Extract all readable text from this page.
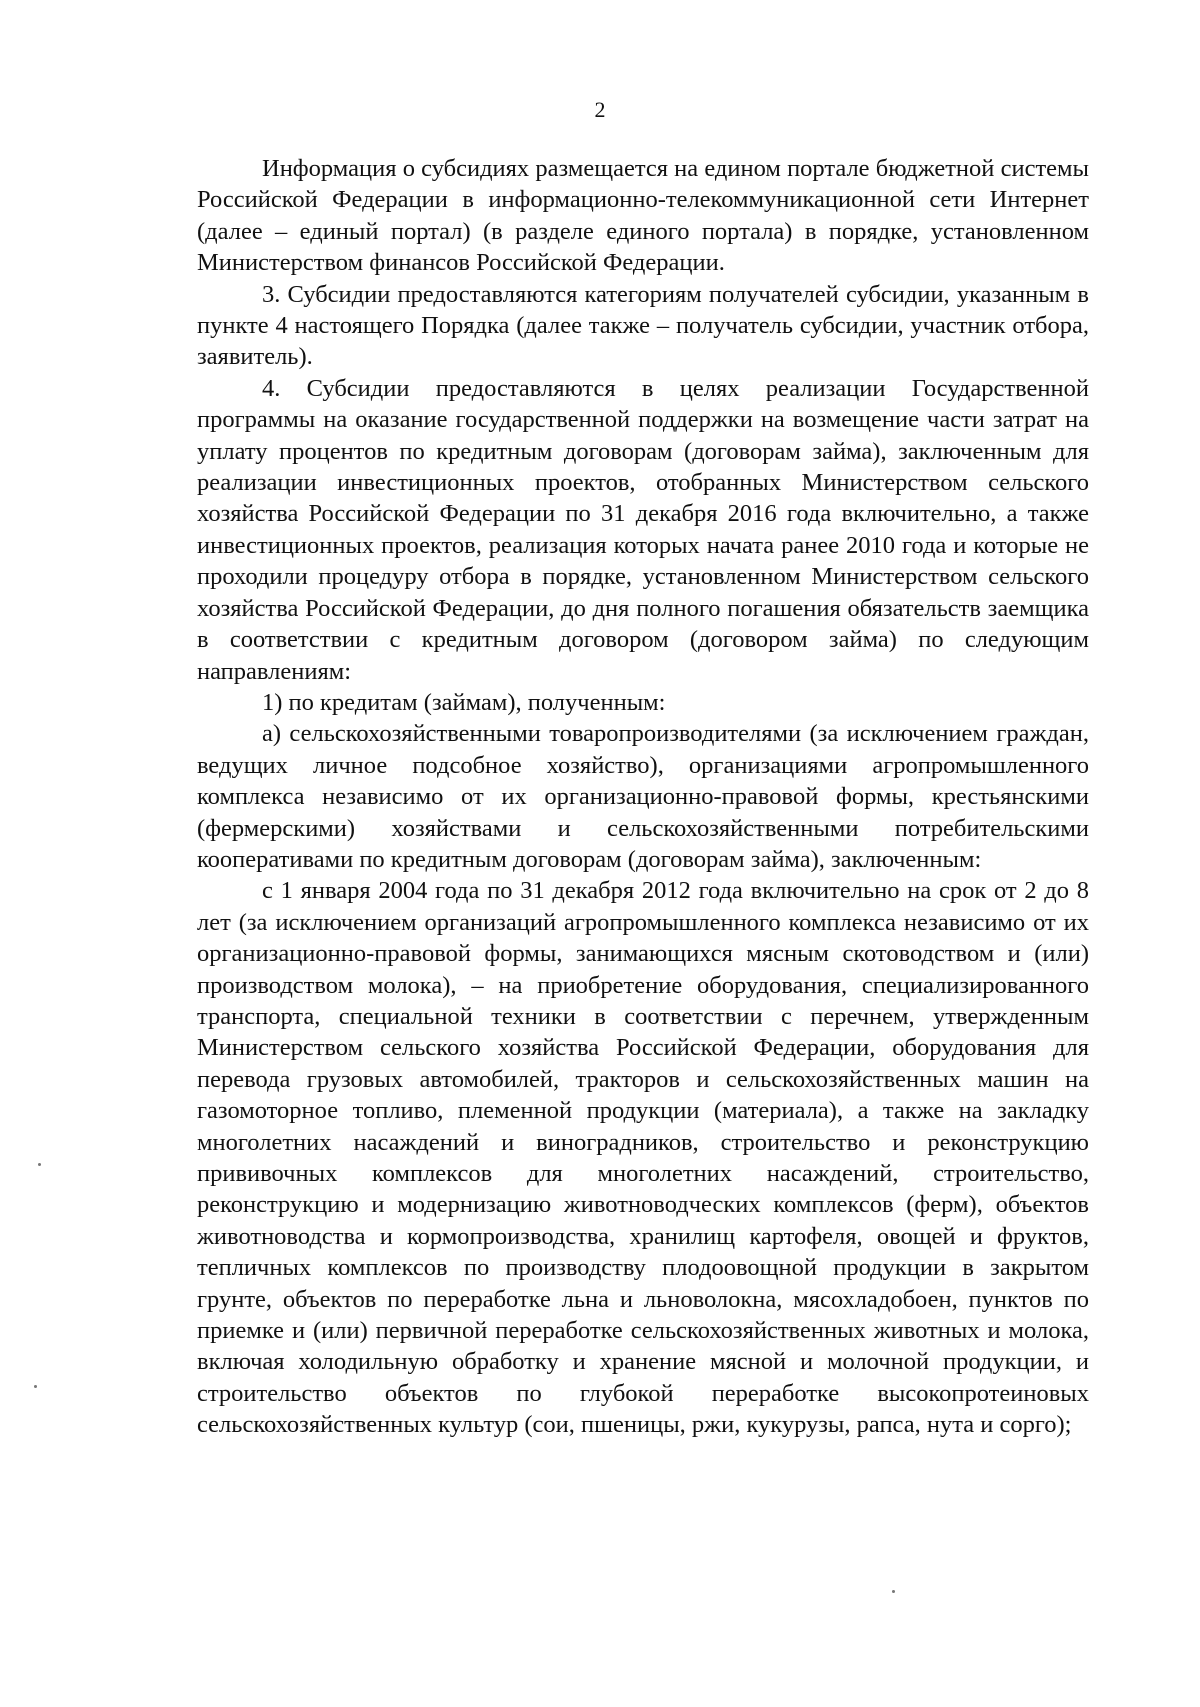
2

Информация о субсидиях размещается на едином портале бюджетной системы Российской Федерации в информационно-телекоммуникационной сети Интернет (далее – единый портал) (в разделе единого портала) в порядке, установленном Министерством финансов Российской Федерации.

3. Субсидии предоставляются категориям получателей субсидии, указанным в пункте 4 настоящего Порядка (далее также – получатель субсидии, участник отбора, заявитель).

4. Субсидии предоставляются в целях реализации Государственной программы на оказание государственной поддержки на возмещение части затрат на уплату процентов по кредитным договорам (договорам займа), заключенным для реализации инвестиционных проектов, отобранных Министерством сельского хозяйства Российской Федерации по 31 декабря 2016 года включительно, а также инвестиционных проектов, реализация которых начата ранее 2010 года и которые не проходили процедуру отбора в порядке, установленном Министерством сельского хозяйства Российской Федерации, до дня полного погашения обязательств заемщика в соответствии с кредитным договором (договором займа) по следующим направлениям:

1) по кредитам (займам), полученным:

а) сельскохозяйственными товаропроизводителями (за исключением граждан, ведущих личное подсобное хозяйство), организациями агропромышленного комплекса независимо от их организационно-правовой формы, крестьянскими (фермерскими) хозяйствами и сельскохозяйственными потребительскими кооперативами по кредитным договорам (договорам займа), заключенным:

с 1 января 2004 года по 31 декабря 2012 года включительно на срок от 2 до 8 лет (за исключением организаций агропромышленного комплекса независимо от их организационно-правовой формы, занимающихся мясным скотоводством и (или) производством молока), – на приобретение оборудования, специализированного транспорта, специальной техники в соответствии с перечнем, утвержденным Министерством сельского хозяйства Российской Федерации, оборудования для перевода грузовых автомобилей, тракторов и сельскохозяйственных машин на газомоторное топливо, племенной продукции (материала), а также на закладку многолетних насаждений и виноградников, строительство и реконструкцию прививочных комплексов для многолетних насаждений, строительство, реконструкцию и модернизацию животноводческих комплексов (ферм), объектов животноводства и кормопроизводства, хранилищ картофеля, овощей и фруктов, тепличных комплексов по производству плодоовощной продукции в закрытом грунте, объектов по переработке льна и льноволокна, мясохладобоен, пунктов по приемке и (или) первичной переработке сельскохозяйственных животных и молока, включая холодильную обработку и хранение мясной и молочной продукции, и строительство объектов по глубокой переработке высокопротеиновых сельскохозяйственных культур (сои, пшеницы, ржи, кукурузы, рапса, нута и сорго);
